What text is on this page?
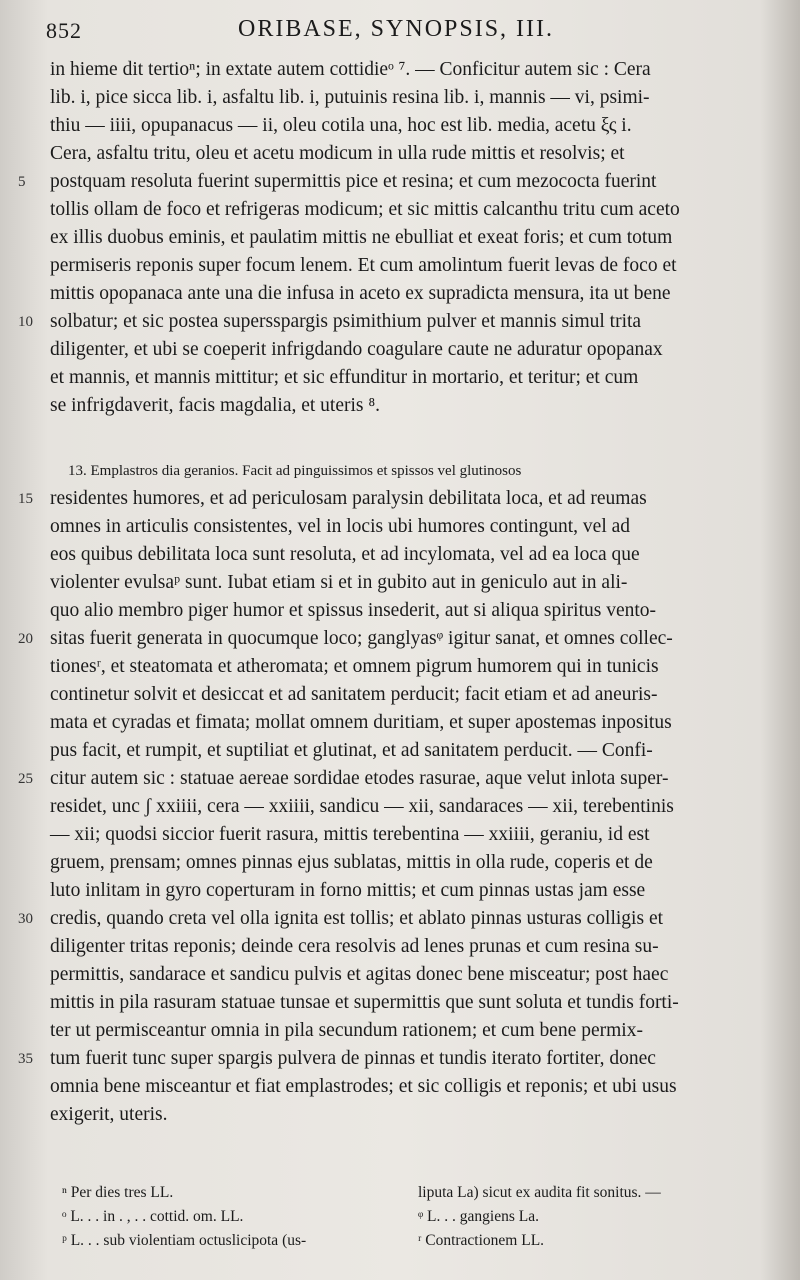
852	ORIBASE, SYNOPSIS, III.
in hieme dit tertioⁿ; in extate autem cottidieᵒ ⁷. — Conficitur autem sic : Cera
lib. i, pice sicca lib. i, asfaltu lib. i, putuinis resina lib. i, mannis — vi, psimi-
thiu — iiii, opupanacus — ii, oleu cotila una, hoc est lib. media, acetu ξς i.
Cera, asfaltu tritu, oleu et acetu modicum in ulla rude mittis et resolvis; et
postquam resoluta fuerint supermittis pice et resina; et cum mezococta fuerint
tollis ollam de foco et refrigeras modicum; et sic mittis calcanthu tritu cum aceto
ex illis duobus eminis, et paulatim mittis ne ebulliat et exeat foris; et cum totum
permiseris reponis super focum lenem. Et cum amolintum fuerit levas de foco et
mittis opopanaca ante una die infusa in aceto ex supradicta mensura, ita ut bene
solbatur; et sic postea supersspargis psimithium pulver et mannis simul trita
diligenter, et ubi se coeperit infrigdando coagulare caute ne aduratur opopanax
et mannis, et mannis mittitur; et sic effunditur in mortario, et teritur; et cum
se infrigdaverit, facis magdalia, et uteris ⁸.
13. Emplastros dia geranios. Facit ad pinguissimos et spissos vel glutinosos
residentes humores, et ad periculosam paralysin debilitata loca, et ad reumas
omnes in articulis consistentes, vel in locis ubi humores contingunt, vel ad
eos quibus debilitata loca sunt resoluta, et ad incylomata, vel ad ea loca que
violenter evulsaᵖ sunt. Iubat etiam si et in gubito aut in geniculo aut in ali-
quo alio membro piger humor et spissus insederit, aut si aliqua spiritus vento-
sitas fuerit generata in quocumque loco; ganglyasᵠ igitur sanat, et omnes collec-
tionesʳ, et steatomata et atheromata; et omnem pigrum humorem qui in tunicis
continetur solvit et desiccat et ad sanitatem perducit; facit etiam et ad aneuris-
mata et cyradas et fimata; mollat omnem duritiam, et super apostemas inpositus
pus facit, et rumpit, et suptiliat et glutinat, et ad sanitatem perducit. — Confi-
citur autem sic : statuae aereae sordidae etodes rasurae, aque velut inlota super-
residet, unc ʃ xxiiii, cera — xxiiii, sandicu — xii, sandaraces — xii, terebentinis
— xii; quodsi siccior fuerit rasura, mittis terebentina — xxiiii, geraniu, id est
gruem, prensam; omnes pinnas ejus sublatas, mittis in olla rude, coperis et de
luto inlitam in gyro coperturam in forno mittis; et cum pinnas ustas jam esse
credis, quando creta vel olla ignita est tollis; et ablato pinnas usturas colligis et
diligenter tritas reponis; deinde cera resolvis ad lenes prunas et cum resina su-
permittis, sandarace et sandicu pulvis et agitas donec bene misceatur; post haec
mittis in pila rasuram statuae tunsae et supermittis que sunt soluta et tundis forti-
ter ut permisceantur omnia in pila secundum rationem; et cum bene permix-
tum fuerit tunc super spargis pulvera de pinnas et tundis iterato fortiter, donec
omnia bene misceantur et fiat emplastrodes; et sic colligis et reponis; et ubi usus
exigerit, uteris.
5
10
15
20
25
30
35
ⁿ Per dies tres LL.
ᵒ L. . . in . , . . cottid. om. LL.
ᵖ L. . . sub violentiam octuslicipota (us-
liputa La) sicut ex audita fit sonitus. —
ᵠ L. . . gangiens La.
ʳ Contractionem LL.
